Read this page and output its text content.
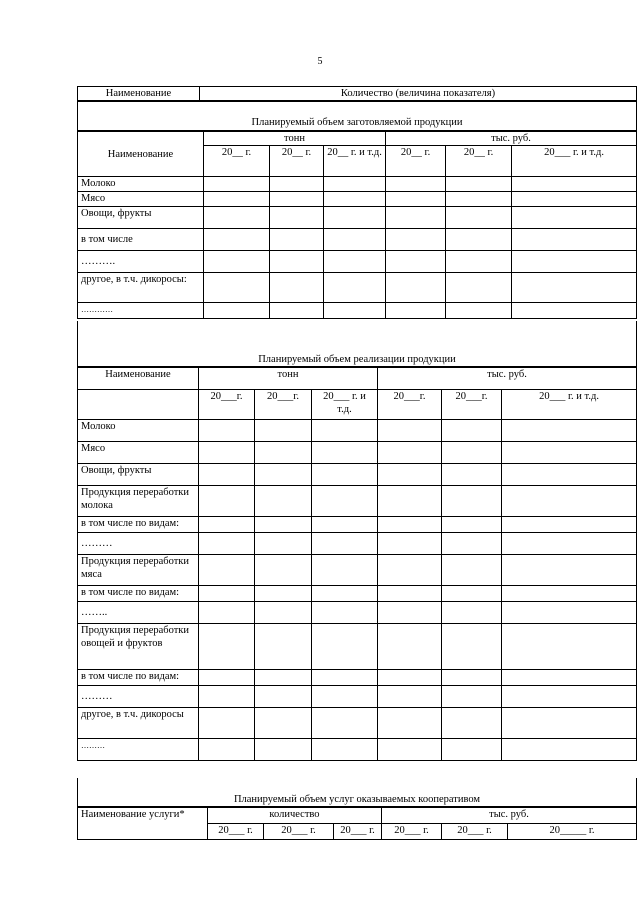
5
Наименование	Количество (величина показателя)
Планируемый объем заготовляемой продукции
Наименование	тонн			тыс. руб.		
	20__ г.	20__ г.	20__ г. и т.д.	20__ г.	20__ г.	20___ г. и т.д.
Молоко						
Мясо						
Овощи, фрукты						
в том числе						
……….						
другое, в т.ч. дикоросы:						
…………						
Планируемый объем реализации продукции
Наименование	тонн			тыс. руб.		
	20___г.	20___г.	20___ г. и т.д.	20___г.	20___г.	20___ г. и т.д.
Молоко						
Мясо						
Овощи, фрукты						
Продукция переработки молока						
в том числе по видам:						
………						
Продукция переработки мяса						
в том числе по видам:						
……..						
Продукция переработки овощей и фруктов						
в том числе по видам:						
………						
другое, в т.ч. дикоросы						
………						
Планируемый объем услуг оказываемых кооперативом
Наименование услуги*	количество			тыс. руб.		
	20___ г.	20___ г.	20___ г.	20___ г.	20___ г.	20_____ г.
